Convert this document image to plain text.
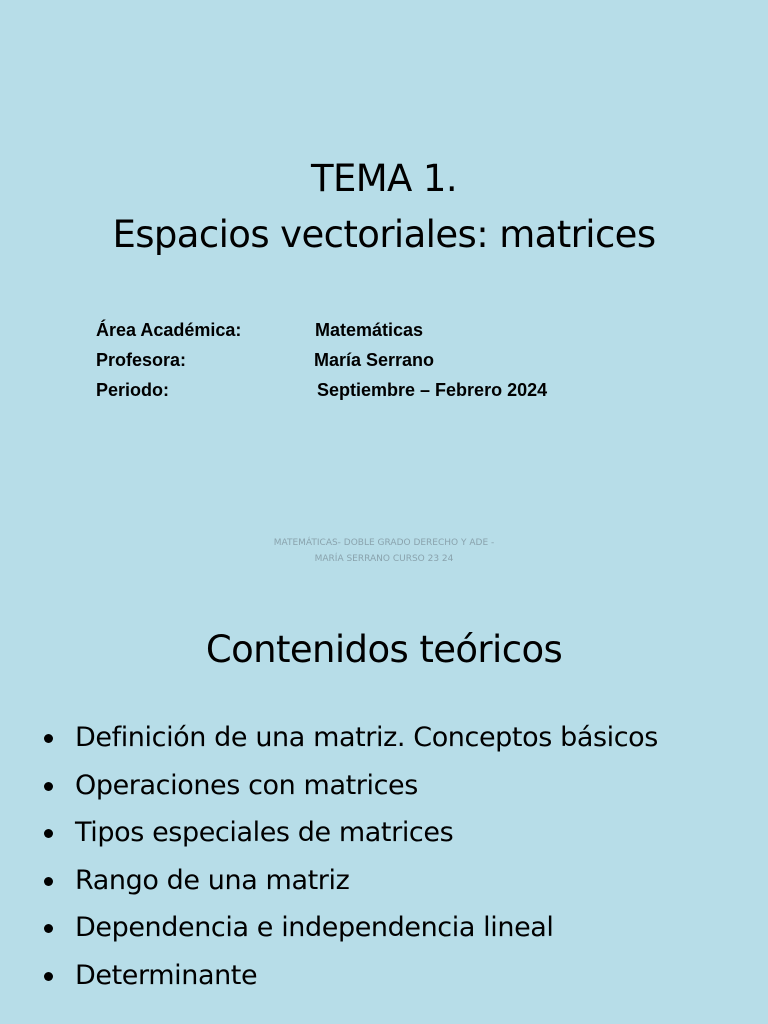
TEMA 1.
Espacios vectoriales: matrices
Área Académica:	Matemáticas
Profesora:	María Serrano
Periodo:	Septiembre – Febrero 2024
MATEMÁTICAS- DOBLE GRADO DERECHO Y ADE -
MARÍA SERRANO CURSO 23 24
Contenidos teóricos
Definición de una matriz. Conceptos básicos
Operaciones con matrices
Tipos especiales de matrices
Rango de una matriz
Dependencia e independencia lineal
Determinante
